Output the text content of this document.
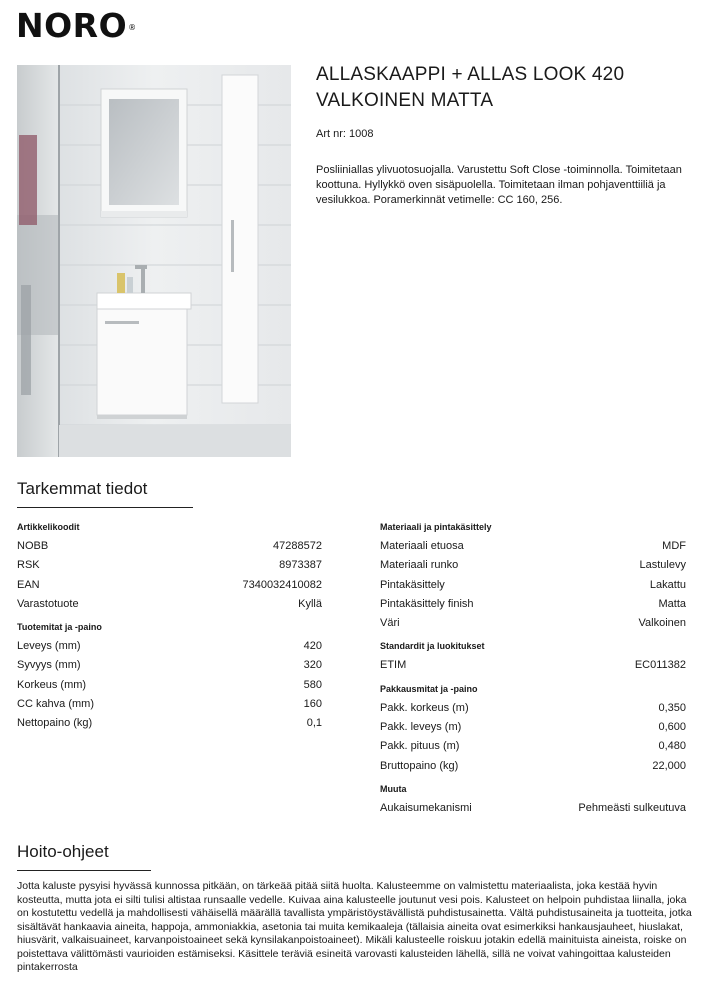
NORO®
ALLASKAAPPI + ALLAS LOOK 420 VALKOINEN MATTA
Art nr: 1008
Posliiniallas ylivuotosuojalla. Varustettu Soft Close -toiminnolla. Toimitetaan koottuna. Hyllykkö oven sisäpuolella. Toimitetaan ilman pohjaventtiiliä ja vesilukkoa. Poramerkinnät vetimelle: CC 160, 256.
Tarkemmat tiedot
Artikkelikoodit
NOBB	47288572
RSK	8973387
EAN	7340032410082
Varastotuote	Kyllä
Tuotemitat ja -paino
Leveys (mm)	420
Syvyys (mm)	320
Korkeus (mm)	580
CC kahva (mm)	160
Nettopaino (kg)	0,1
Materiaali ja pintakäsittely
Materiaali etuosa	MDF
Materiaali runko	Lastulevy
Pintakäsittely	Lakattu
Pintakäsittely finish	Matta
Väri	Valkoinen
Standardit ja luokitukset
ETIM	EC011382
Pakkausmitat ja -paino
Pakk. korkeus (m)	0,350
Pakk. leveys (m)	0,600
Pakk. pituus (m)	0,480
Bruttopaino (kg)	22,000
Muuta
Aukaisumekanismi	Pehmeästi sulkeutuva
Hoito-ohjeet
Jotta kaluste pysyisi hyvässä kunnossa pitkään, on tärkeää pitää siitä huolta. Kalusteemme on valmistettu materiaalista, joka kestää hyvin kosteutta, mutta jota ei silti tulisi altistaa runsaalle vedelle. Kuivaa aina kalusteelle joutunut vesi pois. Kalusteet on helpoin puhdistaa liinalla, joka on kostutettu vedellä ja mahdollisesti vähäisellä määrällä tavallista ympäristöystävällistä puhdistusainetta. Vältä puhdistusaineita ja tuotteita, jotka sisältävät hankaavia aineita, happoja, ammoniakkia, asetonia tai muita kemikaaleja (tällaisia aineita ovat esimerkiksi hankausjauheet, hiuslakat, hiusvärit, valkaisuaineet, karvanpoistoaineet sekä kynsilakanpoistoaineet). Mikäli kalusteelle roiskuu jotakin edellä mainituista aineista, roiske on poistettava välittömästi vaurioiden estämiseksi. Käsittele teräviä esineitä varovasti kalusteiden lähellä, sillä ne voivat vahingoittaa kalusteiden pintakerrosta
